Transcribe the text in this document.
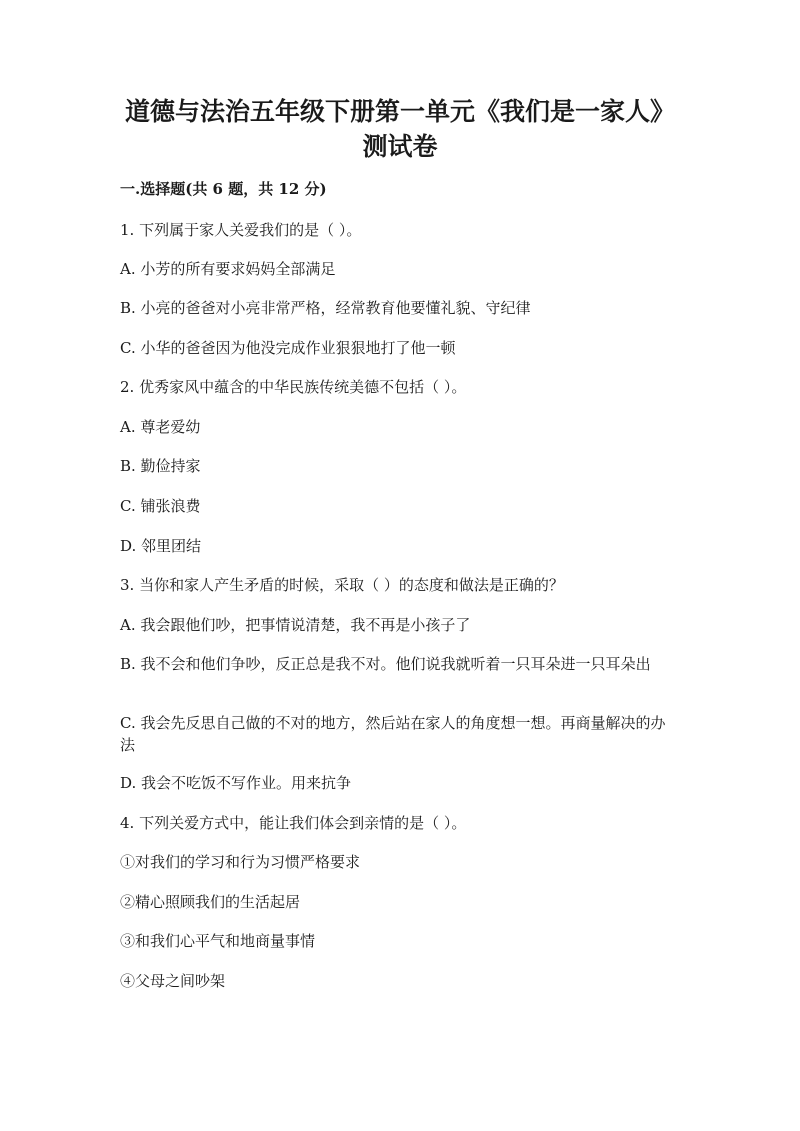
道德与法治五年级下册第一单元《我们是一家人》
测试卷
一.选择题(共 6 题，共 12 分)
1. 下列属于家人关爱我们的是（ ）。
A. 小芳的所有要求妈妈全部满足
B. 小亮的爸爸对小亮非常严格，经常教育他要懂礼貌、守纪律
C. 小华的爸爸因为他没完成作业狠狠地打了他一顿
2. 优秀家风中蕴含的中华民族传统美德不包括（ ）。
A. 尊老爱幼
B. 勤俭持家
C. 铺张浪费
D. 邻里团结
3. 当你和家人产生矛盾的时候，采取（ ）的态度和做法是正确的？
A. 我会跟他们吵，把事情说清楚，我不再是小孩子了
B. 我不会和他们争吵，反正总是我不对。他们说我就听着一只耳朵进一只耳朵出
C. 我会先反思自己做的不对的地方，然后站在家人的角度想一想。再商量解决的办法
D. 我会不吃饭不写作业。用来抗争
4. 下列关爱方式中，能让我们体会到亲情的是（ ）。
①对我们的学习和行为习惯严格要求
②精心照顾我们的生活起居
③和我们心平气和地商量事情
④父母之间吵架
